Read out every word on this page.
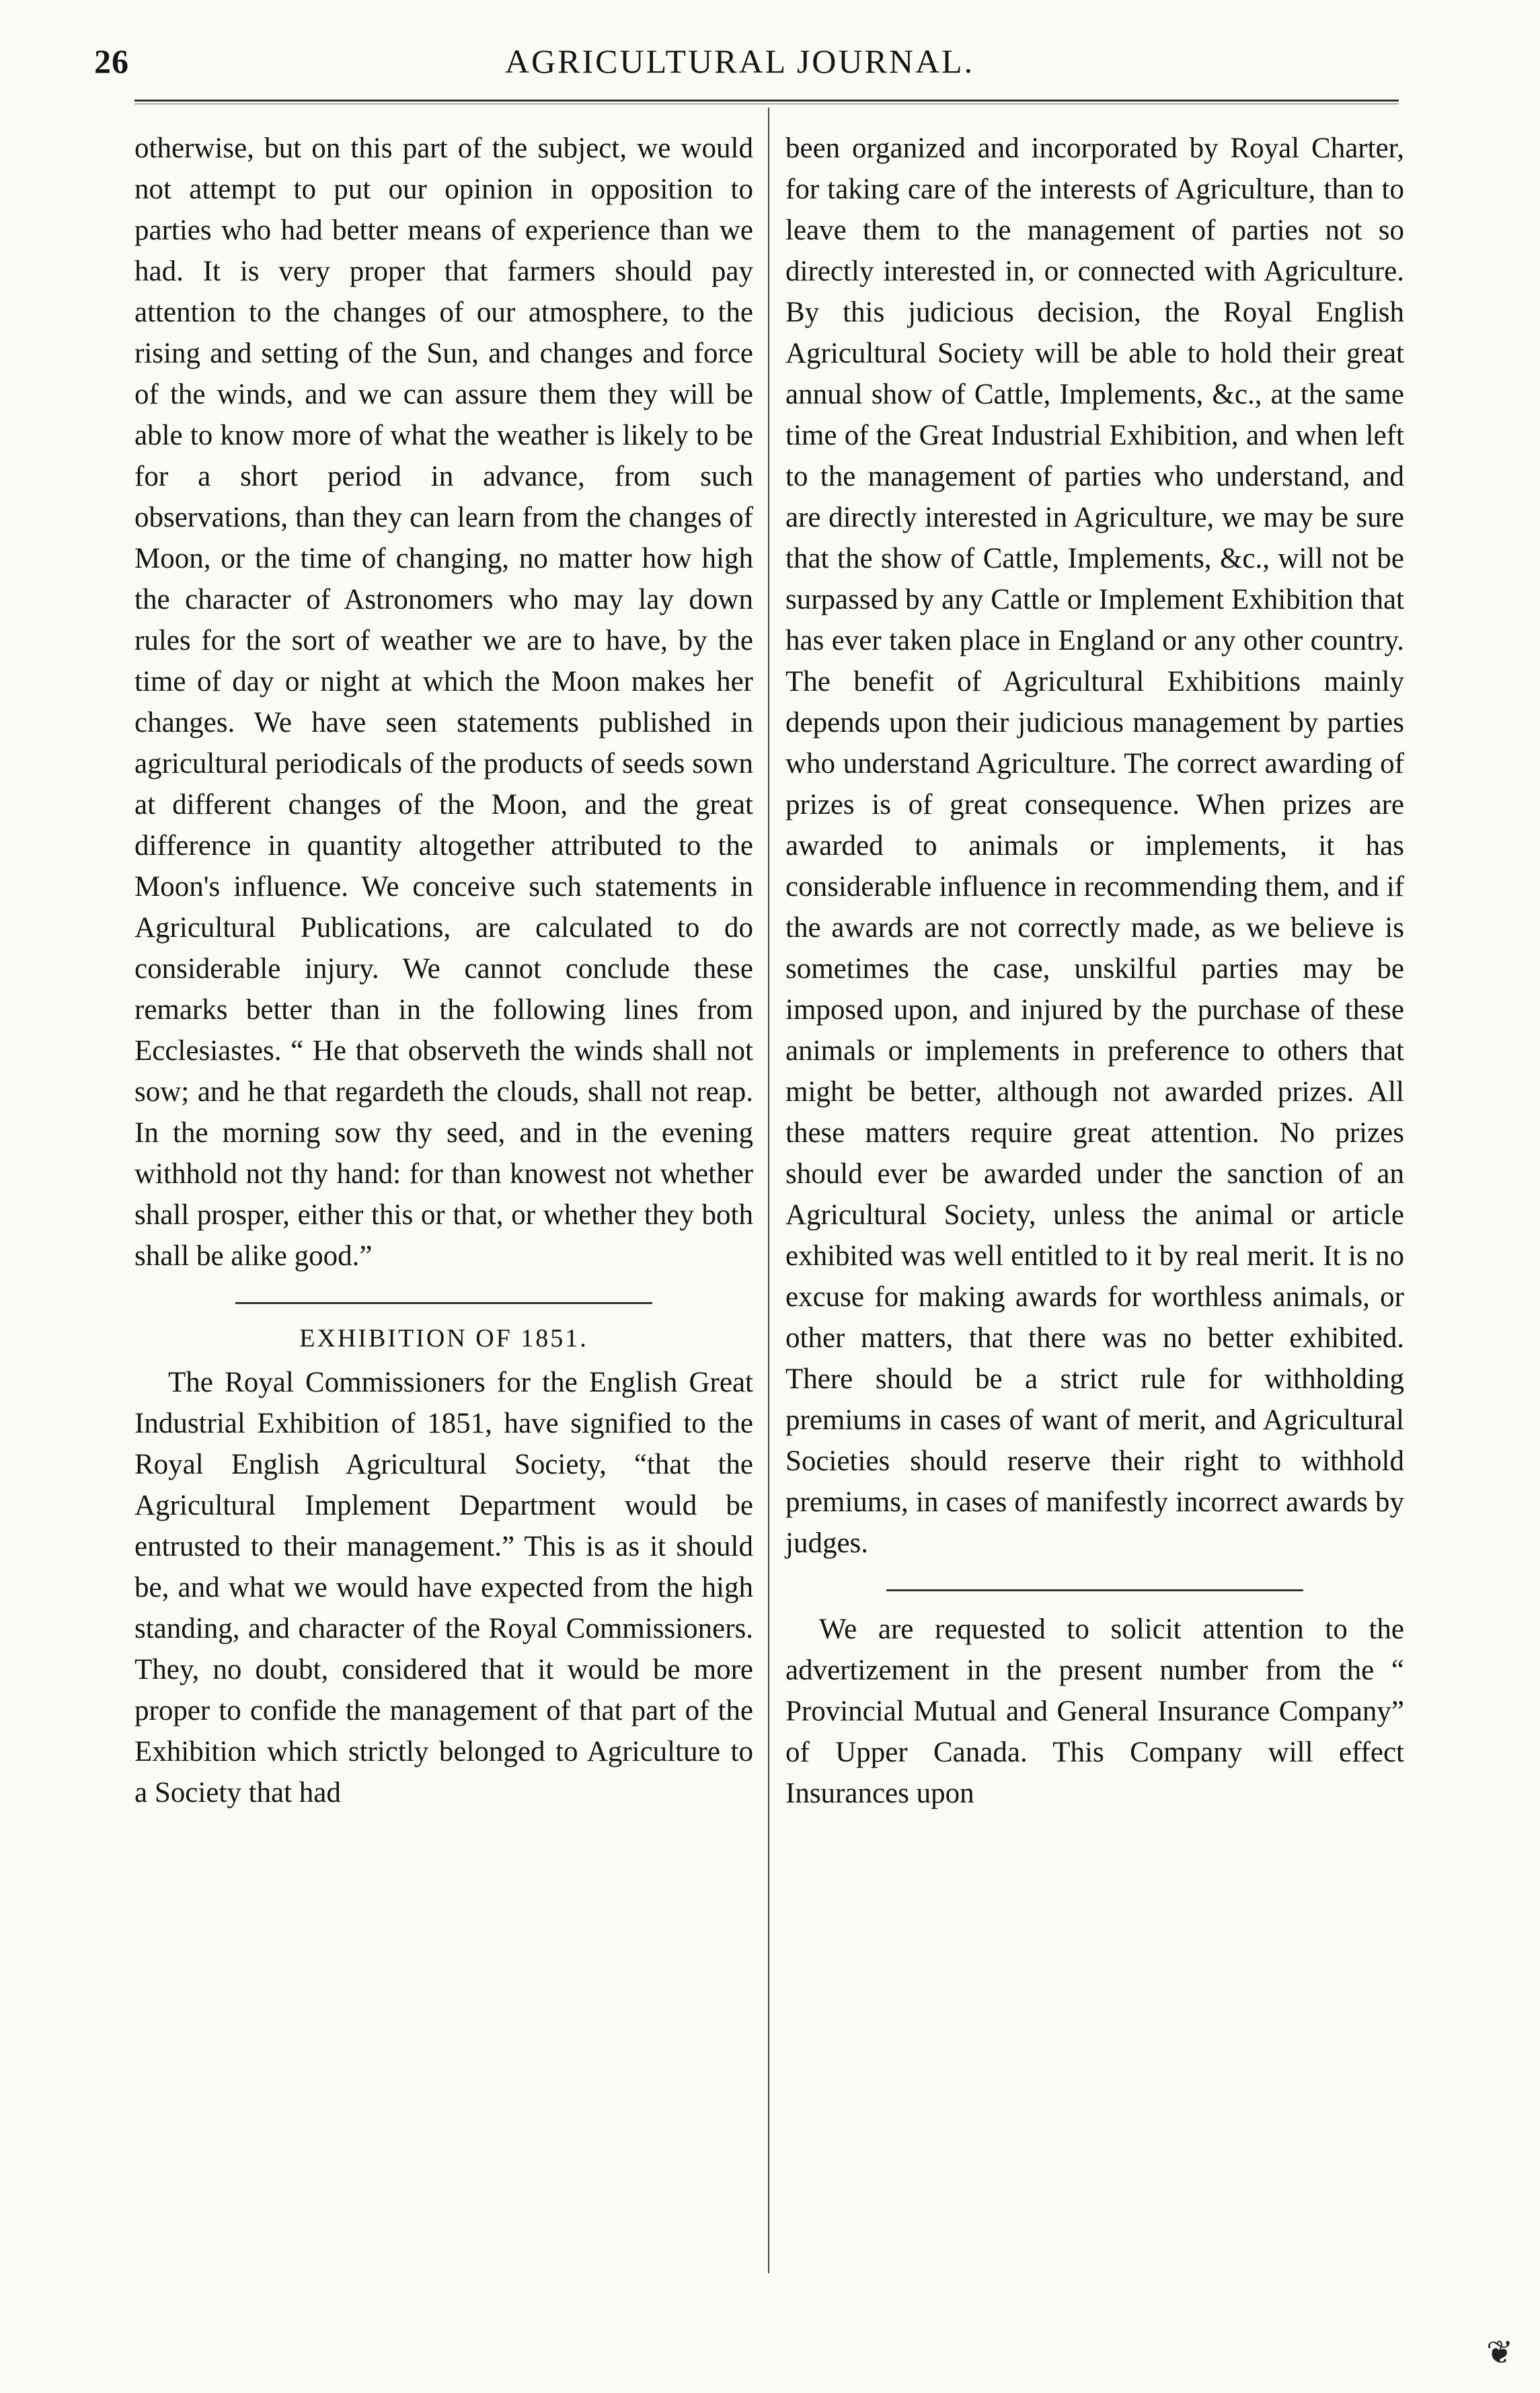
26	AGRICULTURAL JOURNAL.

otherwise, but on this part of the subject, we would not attempt to put our opinion in opposition to parties who had better means of experience than we had. It is very proper that farmers should pay attention to the changes of our atmosphere, to the rising and setting of the Sun, and changes and force of the winds, and we can assure them they will be able to know more of what the weather is likely to be for a short period in advance, from such observations, than they can learn from the changes of Moon, or the time of changing, no matter how high the character of Astronomers who may lay down rules for the sort of weather we are to have, by the time of day or night at which the Moon makes her changes. We have seen statements published in agricultural periodicals of the products of seeds sown at different changes of the Moon, and the great difference in quantity altogether attributed to the Moon's influence. We conceive such statements in Agricultural Publications, are calculated to do considerable injury. We cannot conclude these remarks better than in the following lines from Ecclesiastes. “ He that observeth the winds shall not sow; and he that regardeth the clouds, shall not reap. In the morning sow thy seed, and in the evening withhold not thy hand: for than knowest not whether shall prosper, either this or that, or whether they both shall be alike good.”

EXHIBITION OF 1851.

The Royal Commissioners for the English Great Industrial Exhibition of 1851, have signified to the Royal English Agricultural Society, “that the Agricultural Implement Department would be entrusted to their management.” This is as it should be, and what we would have expected from the high standing, and character of the Royal Commissioners. They, no doubt, considered that it would be more proper to confide the management of that part of the Exhibition which strictly belonged to Agriculture to a Society that had

been organized and incorporated by Royal Charter, for taking care of the interests of Agriculture, than to leave them to the management of parties not so directly interested in, or connected with Agriculture. By this judicious decision, the Royal English Agricultural Society will be able to hold their great annual show of Cattle, Implements, &c., at the same time of the Great Industrial Exhibition, and when left to the management of parties who understand, and are directly interested in Agriculture, we may be sure that the show of Cattle, Implements, &c., will not be surpassed by any Cattle or Implement Exhibition that has ever taken place in England or any other country. The benefit of Agricultural Exhibitions mainly depends upon their judicious management by parties who understand Agriculture. The correct awarding of prizes is of great consequence. When prizes are awarded to animals or implements, it has considerable influence in recommending them, and if the awards are not correctly made, as we believe is sometimes the case, unskilful parties may be imposed upon, and injured by the purchase of these animals or implements in preference to others that might be better, although not awarded prizes. All these matters require great attention. No prizes should ever be awarded under the sanction of an Agricultural Society, unless the animal or article exhibited was well entitled to it by real merit. It is no excuse for making awards for worthless animals, or other matters, that there was no better exhibited. There should be a strict rule for withholding premiums in cases of want of merit, and Agricultural Societies should reserve their right to withhold premiums, in cases of manifestly incorrect awards by judges.

We are requested to solicit attention to the advertizement in the present number from the “ Provincial Mutual and General Insurance Company” of Upper Canada. This Company will effect Insurances upon

❦
